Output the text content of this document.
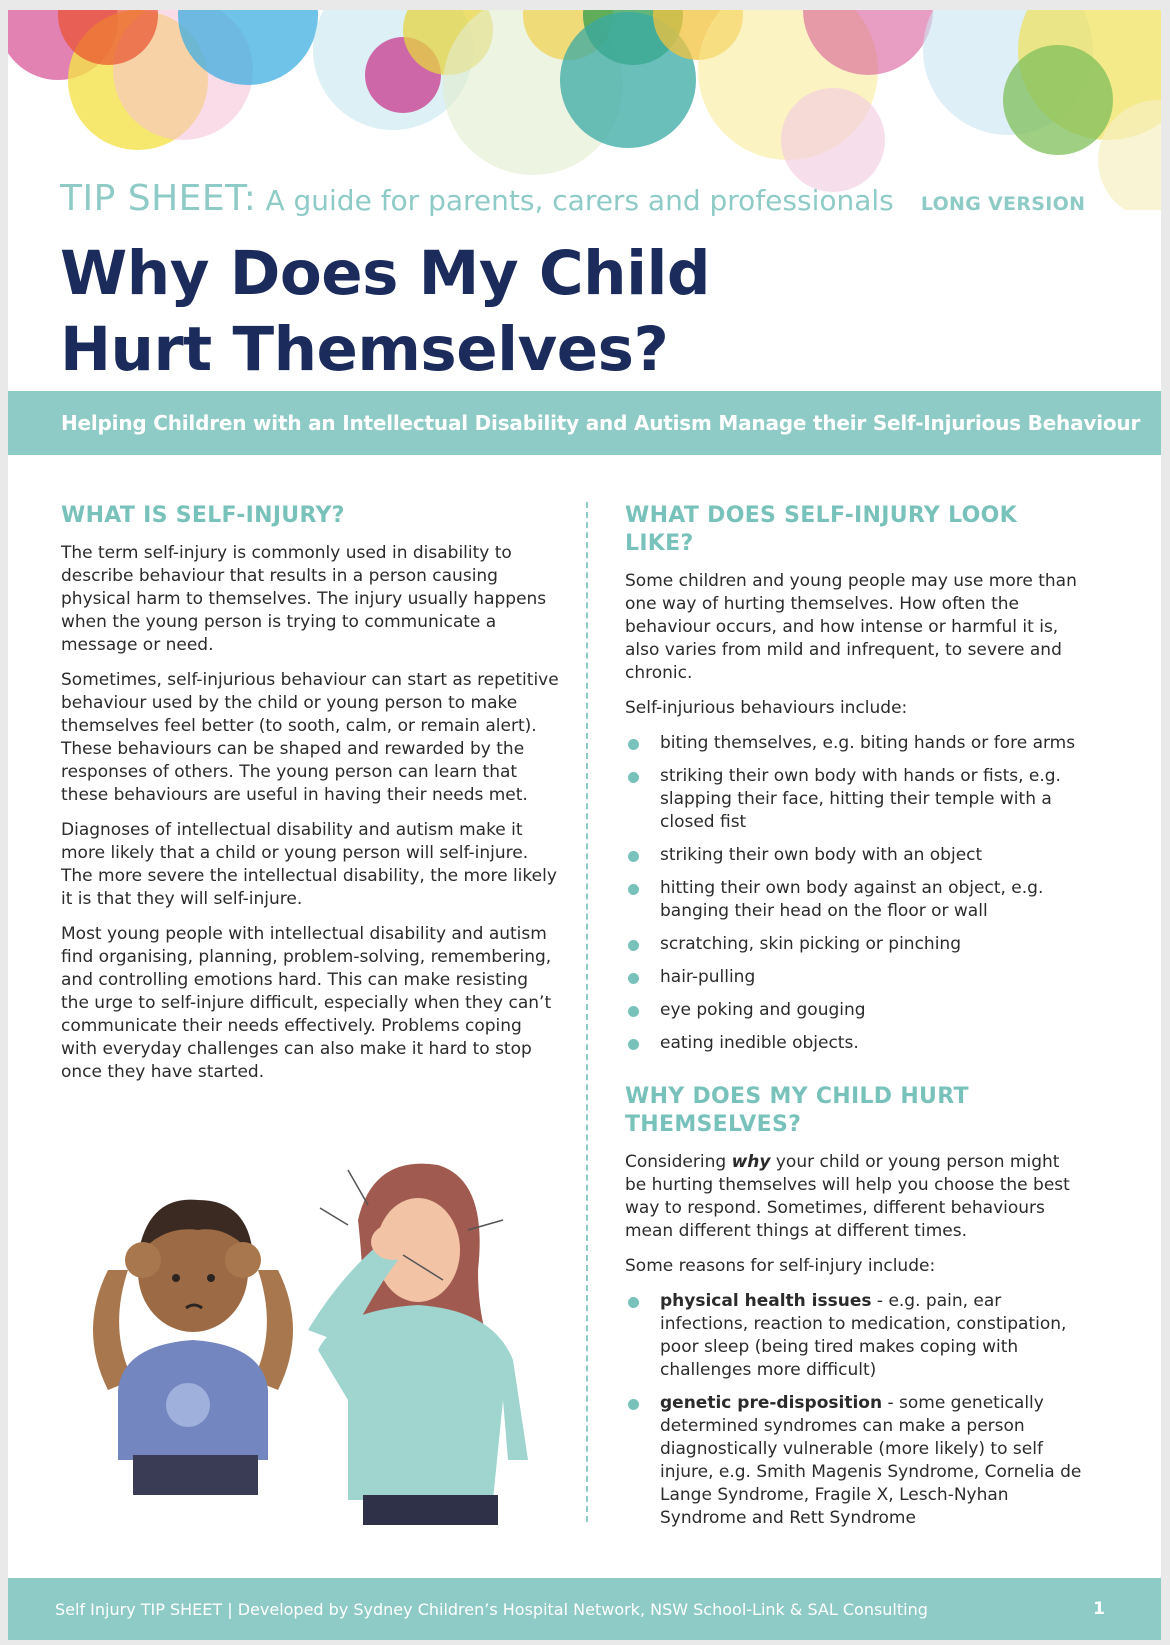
TIP SHEET: A guide for parents, carers and professionals LONG VERSION
Why Does My Child
Hurt Themselves?
Helping Children with an Intellectual Disability and Autism Manage their Self-Injurious Behaviour
WHAT IS SELF-INJURY?

The term self-injury is commonly used in disability to describe behaviour that results in a person causing physical harm to themselves. The injury usually happens when the young person is trying to communicate a message or need.

Sometimes, self-injurious behaviour can start as repetitive behaviour used by the child or young person to make themselves feel better (to sooth, calm, or remain alert). These behaviours can be shaped and rewarded by the responses of others. The young person can learn that these behaviours are useful in having their needs met.

Diagnoses of intellectual disability and autism make it more likely that a child or young person will self-injure. The more severe the intellectual disability, the more likely it is that they will self-injure.

Most young people with intellectual disability and autism find organising, planning, problem-solving, remembering, and controlling emotions hard. This can make resisting the urge to self-injure difficult, especially when they can’t communicate their needs effectively. Problems coping with everyday challenges can also make it hard to stop once they have started.

WHAT DOES SELF-INJURY LOOK LIKE?

Some children and young people may use more than one way of hurting themselves. How often the behaviour occurs, and how intense or harmful it is, also varies from mild and infrequent, to severe and chronic.

Self-injurious behaviours include:

biting themselves, e.g. biting hands or fore arms
striking their own body with hands or fists, e.g. slapping their face, hitting their temple with a closed fist
striking their own body with an object
hitting their own body against an object, e.g. banging their head on the floor or wall
scratching, skin picking or pinching
hair-pulling
eye poking and gouging
eating inedible objects.
WHY DOES MY CHILD HURT THEMSELVES?

Considering why your child or young person might be hurting themselves will help you choose the best way to respond. Sometimes, different behaviours mean different things at different times.

Some reasons for self-injury include:

physical health issues - e.g. pain, ear infections, reaction to medication, constipation, poor sleep (being tired makes coping with challenges more difficult)
genetic pre-disposition - some genetically determined syndromes can make a person diagnostically vulnerable (more likely) to self injure, e.g. Smith Magenis Syndrome, Cornelia de Lange Syndrome, Fragile X, Lesch-Nyhan Syndrome and Rett Syndrome
Self Injury TIP SHEET | Developed by Sydney Children’s Hospital Network, NSW School-Link & SAL Consulting	1
